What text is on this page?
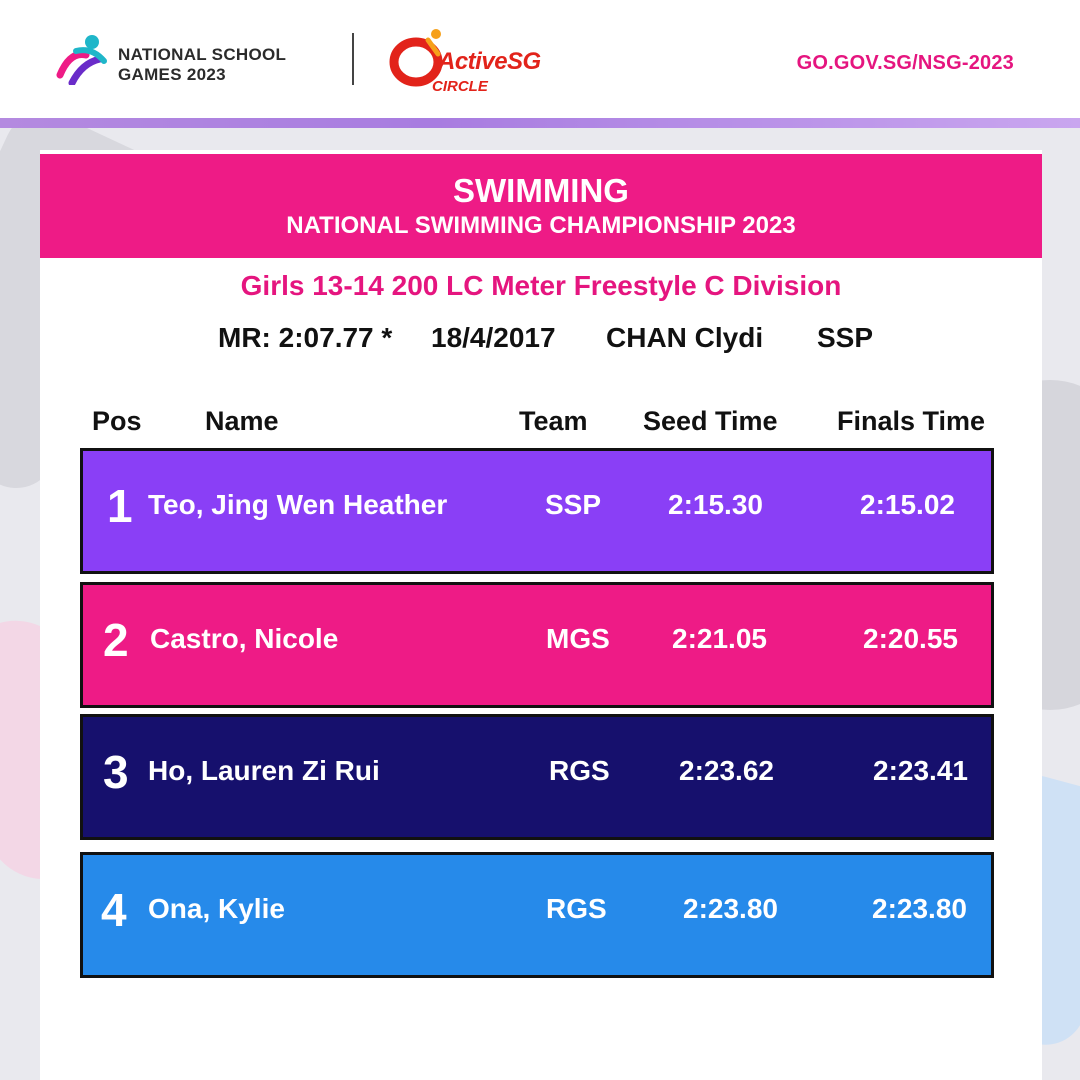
NATIONAL SCHOOL
GAMES 2023	ActiveSG
CIRCLE
GO.GOV.SG/NSG-2023
SWIMMING
NATIONAL SWIMMING CHAMPIONSHIP 2023
Girls 13-14 200 LC Meter Freestyle C Division
MR: 2:07.77 * 18/4/2017 CHAN Clydi SSP
Pos Name	Team Seed Time Finals Time
1 Teo, Jing Wen Heather	SSP 2:15.30	2:15.02
2 Castro, Nicole	MGS 2:21.05	2:20.55
3 Ho, Lauren Zi Rui	RGS 2:23.62	2:23.41
4 Ona, Kylie	RGS	2:23.80	2:23.80
